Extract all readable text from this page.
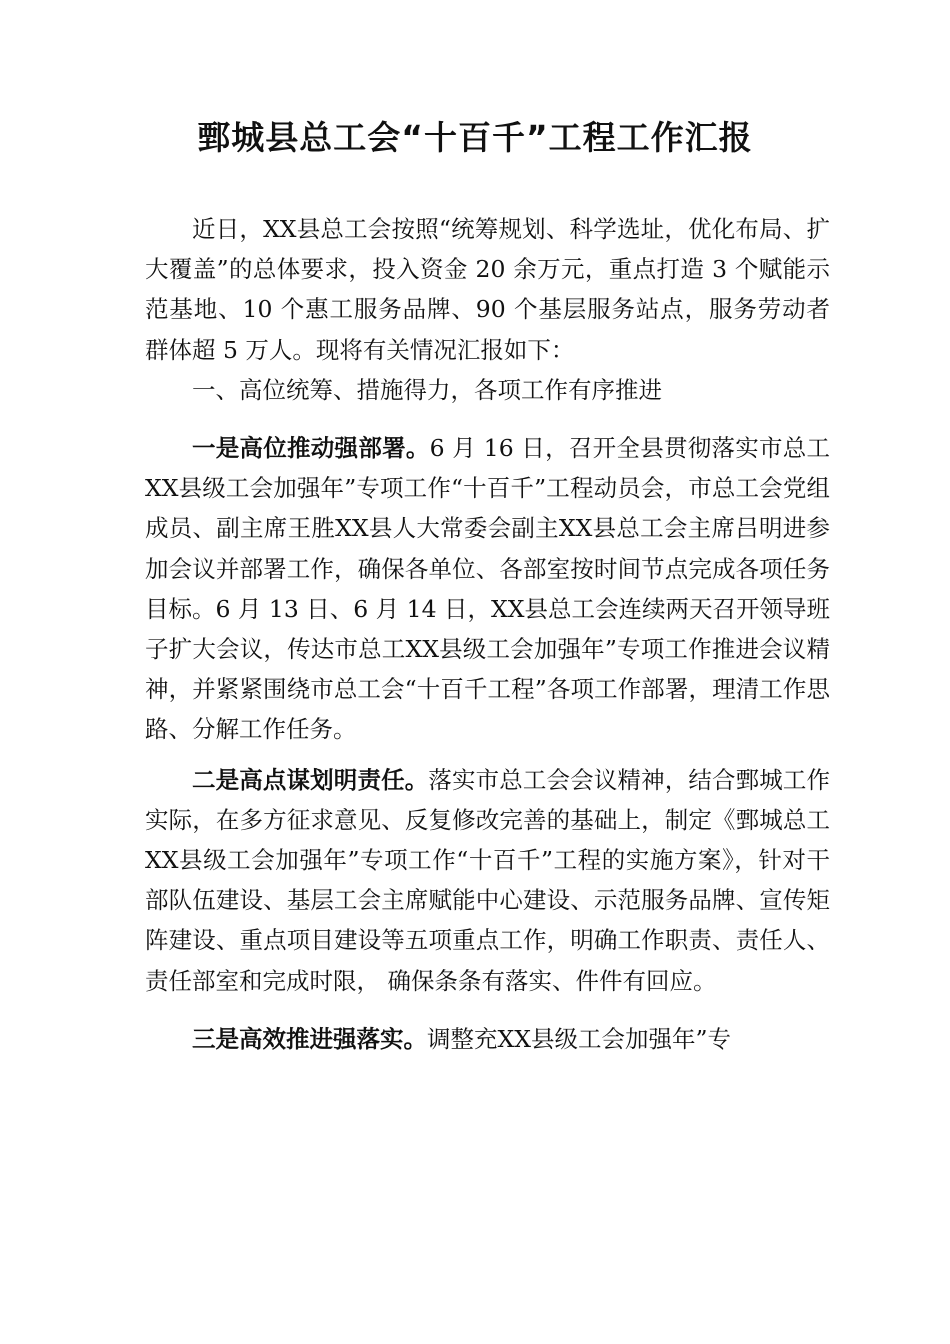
鄄城县总工会“十百千”工程工作汇报

近日，XX县总工会按照“统筹规划、科学选址，优化布局、扩大覆盖”的总体要求，投入资金 20 余万元，重点打造 3 个赋能示范基地、10 个惠工服务品牌、90 个基层服务站点，服务劳动者群体超 5 万人。现将有关情况汇报如下：

一、高位统筹、措施得力，各项工作有序推进

一是高位推动强部署。6 月 16 日，召开全县贯彻落实市总工XX县级工会加强年”专项工作“十百千”工程动员会，市总工会党组成员、副主席王胜XX县人大常委会副主XX县总工会主席吕明进参加会议并部署工作，确保各单位、各部室按时间节点完成各项任务目标。6 月 13 日、6 月 14 日，XX县总工会连续两天召开领导班子扩大会议，传达市总工XX县级工会加强年”专项工作推进会议精神，并紧紧围绕市总工会“十百千工程”各项工作部署，理清工作思路、分解工作任务。

二是高点谋划明责任。落实市总工会会议精神，结合鄄城工作实际，在多方征求意见、反复修改完善的基础上，制定《鄄城总工XX县级工会加强年”专项工作“十百千”工程的实施方案》，针对干部队伍建设、基层工会主席赋能中心建设、示范服务品牌、宣传矩阵建设、重点项目建设等五项重点工作，明确工作职责、责任人、责任部室和完成时限， 确保条条有落实、件件有回应。

三是高效推进强落实。调整充XX县级工会加强年”专
